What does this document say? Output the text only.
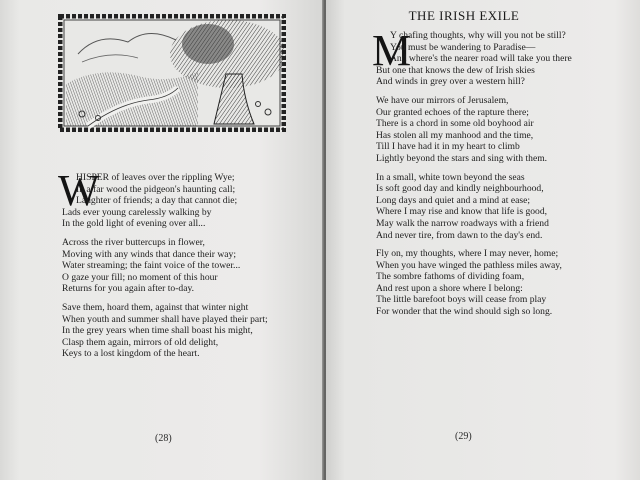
W
HISPER of leaves over the rippling Wye;
In a far wood the pidgeon's haunting call;
Laughter of friends; a day that cannot die;
Lads ever young carelessly walking by
In the gold light of evening over all...
Across the river buttercups in flower,
Moving with any winds that dance their way;
Water streaming; the faint voice of the tower...
O gaze your fill; no moment of this hour
Returns for you again after to-day.
Save them, hoard them, against that winter night
When youth and summer shall have played their part;
In the grey years when time shall boast his might,
Clasp them again, mirrors of old delight,
Keys to a lost kingdom of the heart.
(28)
THE IRISH EXILE
M
Y chafing thoughts, why will you not be still?
You must be wandering to Paradise—
And where's the nearer road will take you there
But one that knows the dew of Irish skies
And winds in grey over a western hill?
We have our mirrors of Jerusalem,
Our granted echoes of the rapture there;
There is a chord in some old boyhood air
Has stolen all my manhood and the time,
Till I have had it in my heart to climb
Lightly beyond the stars and sing with them.
In a small, white town beyond the seas
Is soft good day and kindly neighbourhood,
Long days and quiet and a mind at ease;
Where I may rise and know that life is good,
May walk the narrow roadways with a friend
And never tire, from dawn to the day's end.
Fly on, my thoughts, where I may never, home;
When you have winged the pathless miles away,
The sombre fathoms of dividing foam,
And rest upon a shore where I belong:
The little barefoot boys will cease from play
For wonder that the wind should sigh so long.
(29)
